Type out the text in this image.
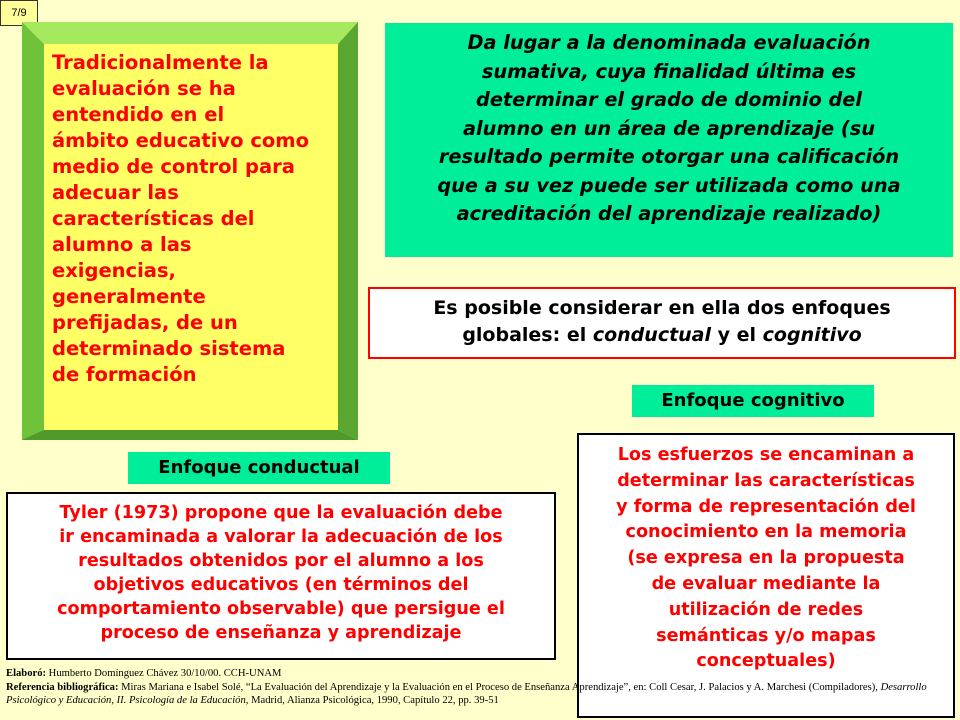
7/9
Tradicionalmente la
evaluación se ha
entendido en el
ámbito educativo como
medio de control para
adecuar las
características del
alumno a las
exigencias,
generalmente
prefijadas, de un
determinado sistema
de formación
Da lugar a la denominada evaluación
sumativa, cuya finalidad última es
determinar el grado de dominio del
alumno en un área de aprendizaje (su
resultado permite otorgar una calificación
que a su vez puede ser utilizada como una
acreditación del aprendizaje realizado)
Es posible considerar en ella dos enfoques
globales: el conductual y el cognitivo
Enfoque cognitivo
Los esfuerzos se encaminan a
determinar las características
y forma de representación del
conocimiento en la memoria
(se expresa en la propuesta
de evaluar mediante la
utilización de redes
semánticas y/o mapas
conceptuales)
Enfoque conductual
Tyler (1973) propone que la evaluación debe
ir encaminada a valorar la adecuación de los
resultados obtenidos por el alumno a los
objetivos educativos (en términos del
comportamiento observable) que persigue el
proceso de enseñanza y aprendizaje
Elaboró: Humberto Domínguez Chávez 30/10/00. CCH-UNAM
Referencia bibliográfica: Miras Mariana e Isabel Solé, “La Evaluación del Aprendizaje y la Evaluación en el Proceso de Enseñanza Aprendizaje”, en: Coll Cesar, J. Palacios y A. Marchesi (Compiladores), Desarrollo Psicológico y Educación, II. Psicología de la Educación, Madrid, Alianza Psicológica, 1990, Capítulo 22, pp. 39-51
